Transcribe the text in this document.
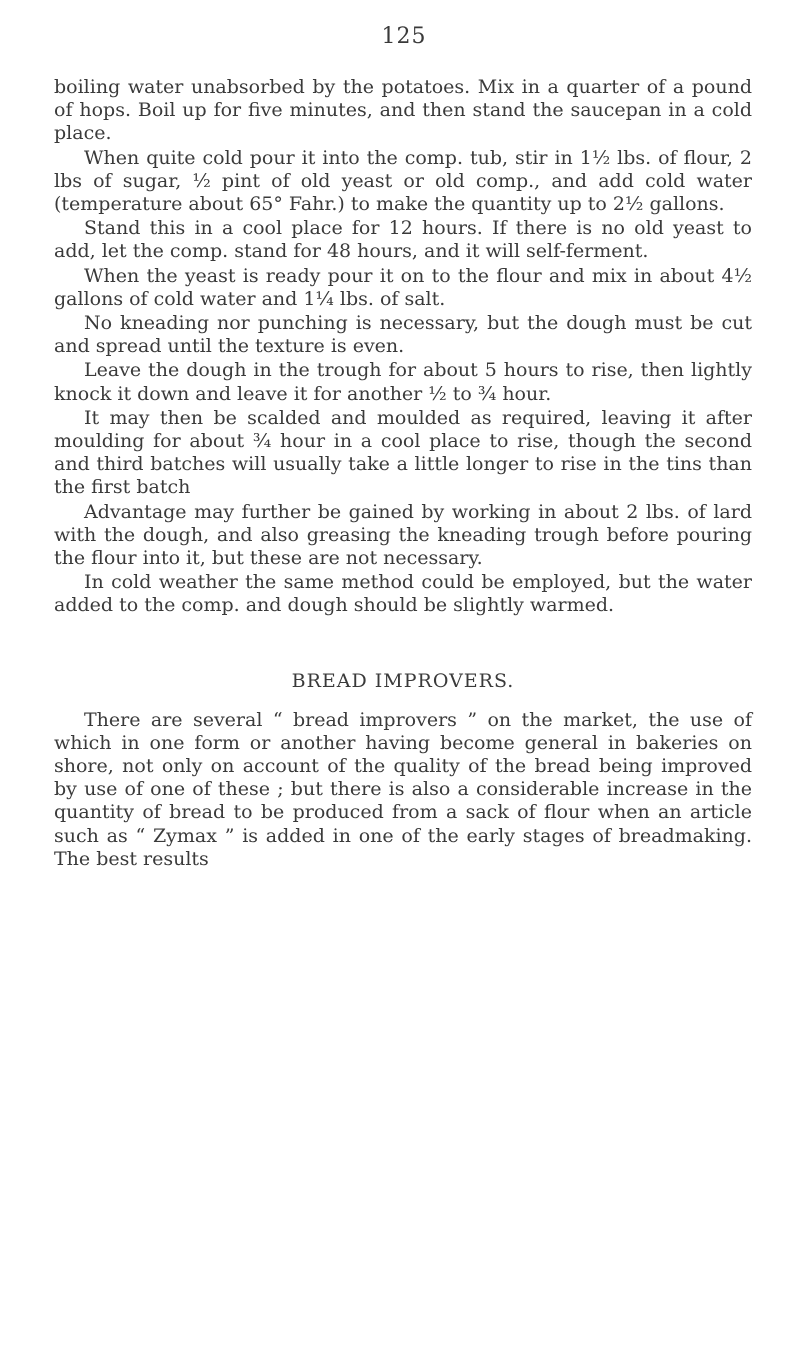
125

boiling water unabsorbed by the potatoes. Mix in a quarter of a pound of hops. Boil up for five minutes, and then stand the saucepan in a cold place.

When quite cold pour it into the comp. tub, stir in 1½ lbs. of flour, 2 lbs of sugar, ½ pint of old yeast or old comp., and add cold water (temperature about 65° Fahr.) to make the quantity up to 2½ gallons.

Stand this in a cool place for 12 hours. If there is no old yeast to add, let the comp. stand for 48 hours, and it will self-ferment.

When the yeast is ready pour it on to the flour and mix in about 4½ gallons of cold water and 1¼ lbs. of salt.

No kneading nor punching is necessary, but the dough must be cut and spread until the texture is even.

Leave the dough in the trough for about 5 hours to rise, then lightly knock it down and leave it for another ½ to ¾ hour.

It may then be scalded and moulded as required, leaving it after moulding for about ¾ hour in a cool place to rise, though the second and third batches will usually take a little longer to rise in the tins than the first batch

Advantage may further be gained by working in about 2 lbs. of lard with the dough, and also greasing the kneading trough before pouring the flour into it, but these are not necessary.

In cold weather the same method could be employed, but the water added to the comp. and dough should be slightly warmed.

BREAD IMPROVERS.

There are several “ bread improvers ” on the market, the use of which in one form or another having become general in bakeries on shore, not only on account of the quality of the bread being improved by use of one of these ; but there is also a considerable increase in the quantity of bread to be produced from a sack of flour when an article such as “ Zymax ” is added in one of the early stages of breadmaking. The best results
